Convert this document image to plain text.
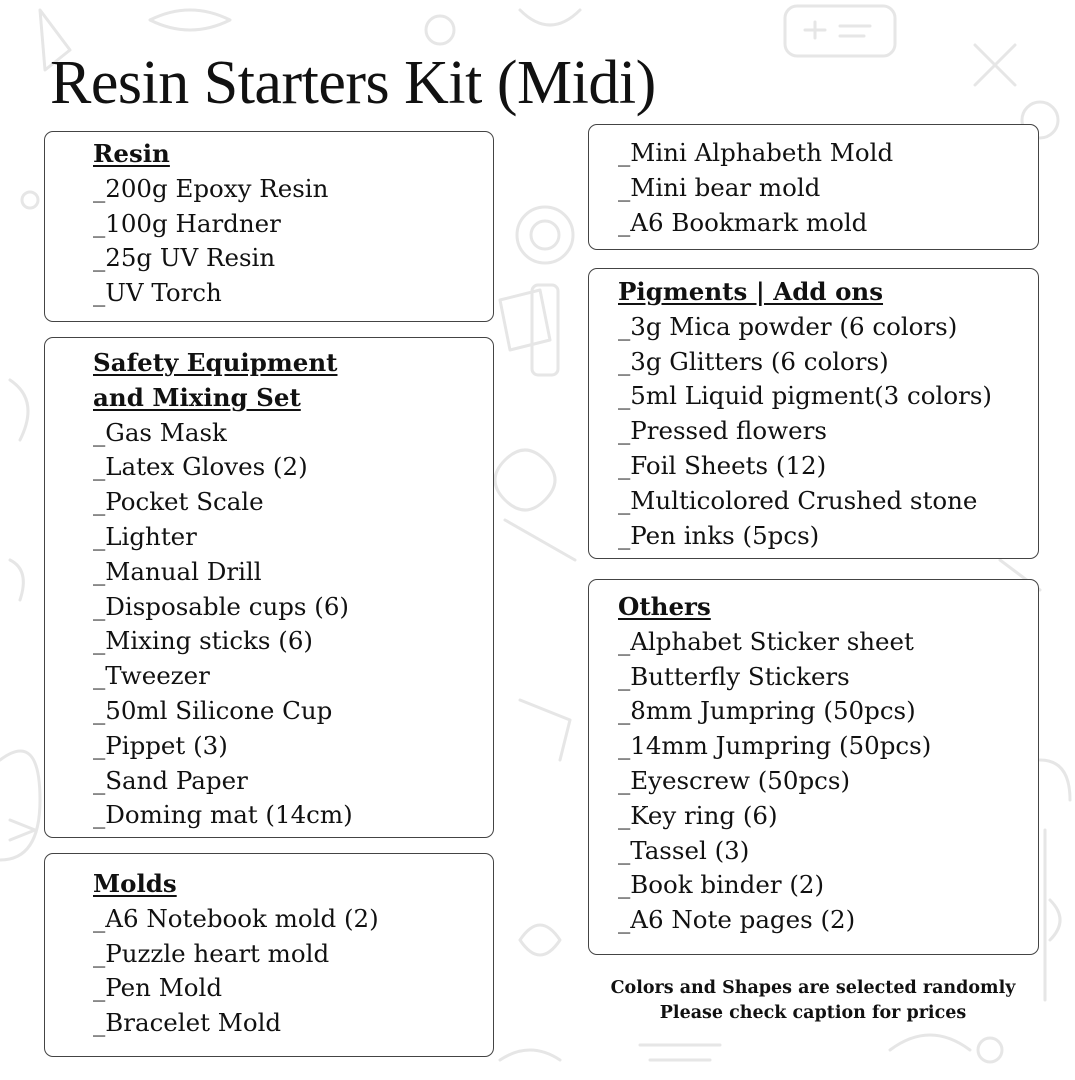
Resin Starters Kit (Midi)
Resin
_200g Epoxy Resin
_100g Hardner
_25g UV Resin
_UV Torch
Safety Equipment
and Mixing Set
_Gas Mask
_Latex Gloves (2)
_Pocket Scale
_Lighter
_Manual Drill
_Disposable cups (6)
_Mixing sticks (6)
_Tweezer
_50ml Silicone Cup
_Pippet (3)
_Sand Paper
_Doming mat (14cm)
Molds
_A6 Notebook mold (2)
_Puzzle heart mold
_Pen Mold
_Bracelet Mold
_Mini Alphabeth Mold
_Mini bear mold
_A6 Bookmark mold
Pigments | Add ons
_3g Mica powder (6 colors)
_3g Glitters (6 colors)
_5ml Liquid pigment(3 colors)
_Pressed flowers
_Foil Sheets (12)
_Multicolored Crushed stone
_Pen inks (5pcs)
Others
_Alphabet Sticker sheet
_Butterfly Stickers
_8mm Jumpring (50pcs)
_14mm Jumpring (50pcs)
_Eyescrew (50pcs)
_Key ring (6)
_Tassel (3)
_Book binder (2)
_A6 Note pages (2)
Colors and Shapes are selected randomly
Please check caption for prices
